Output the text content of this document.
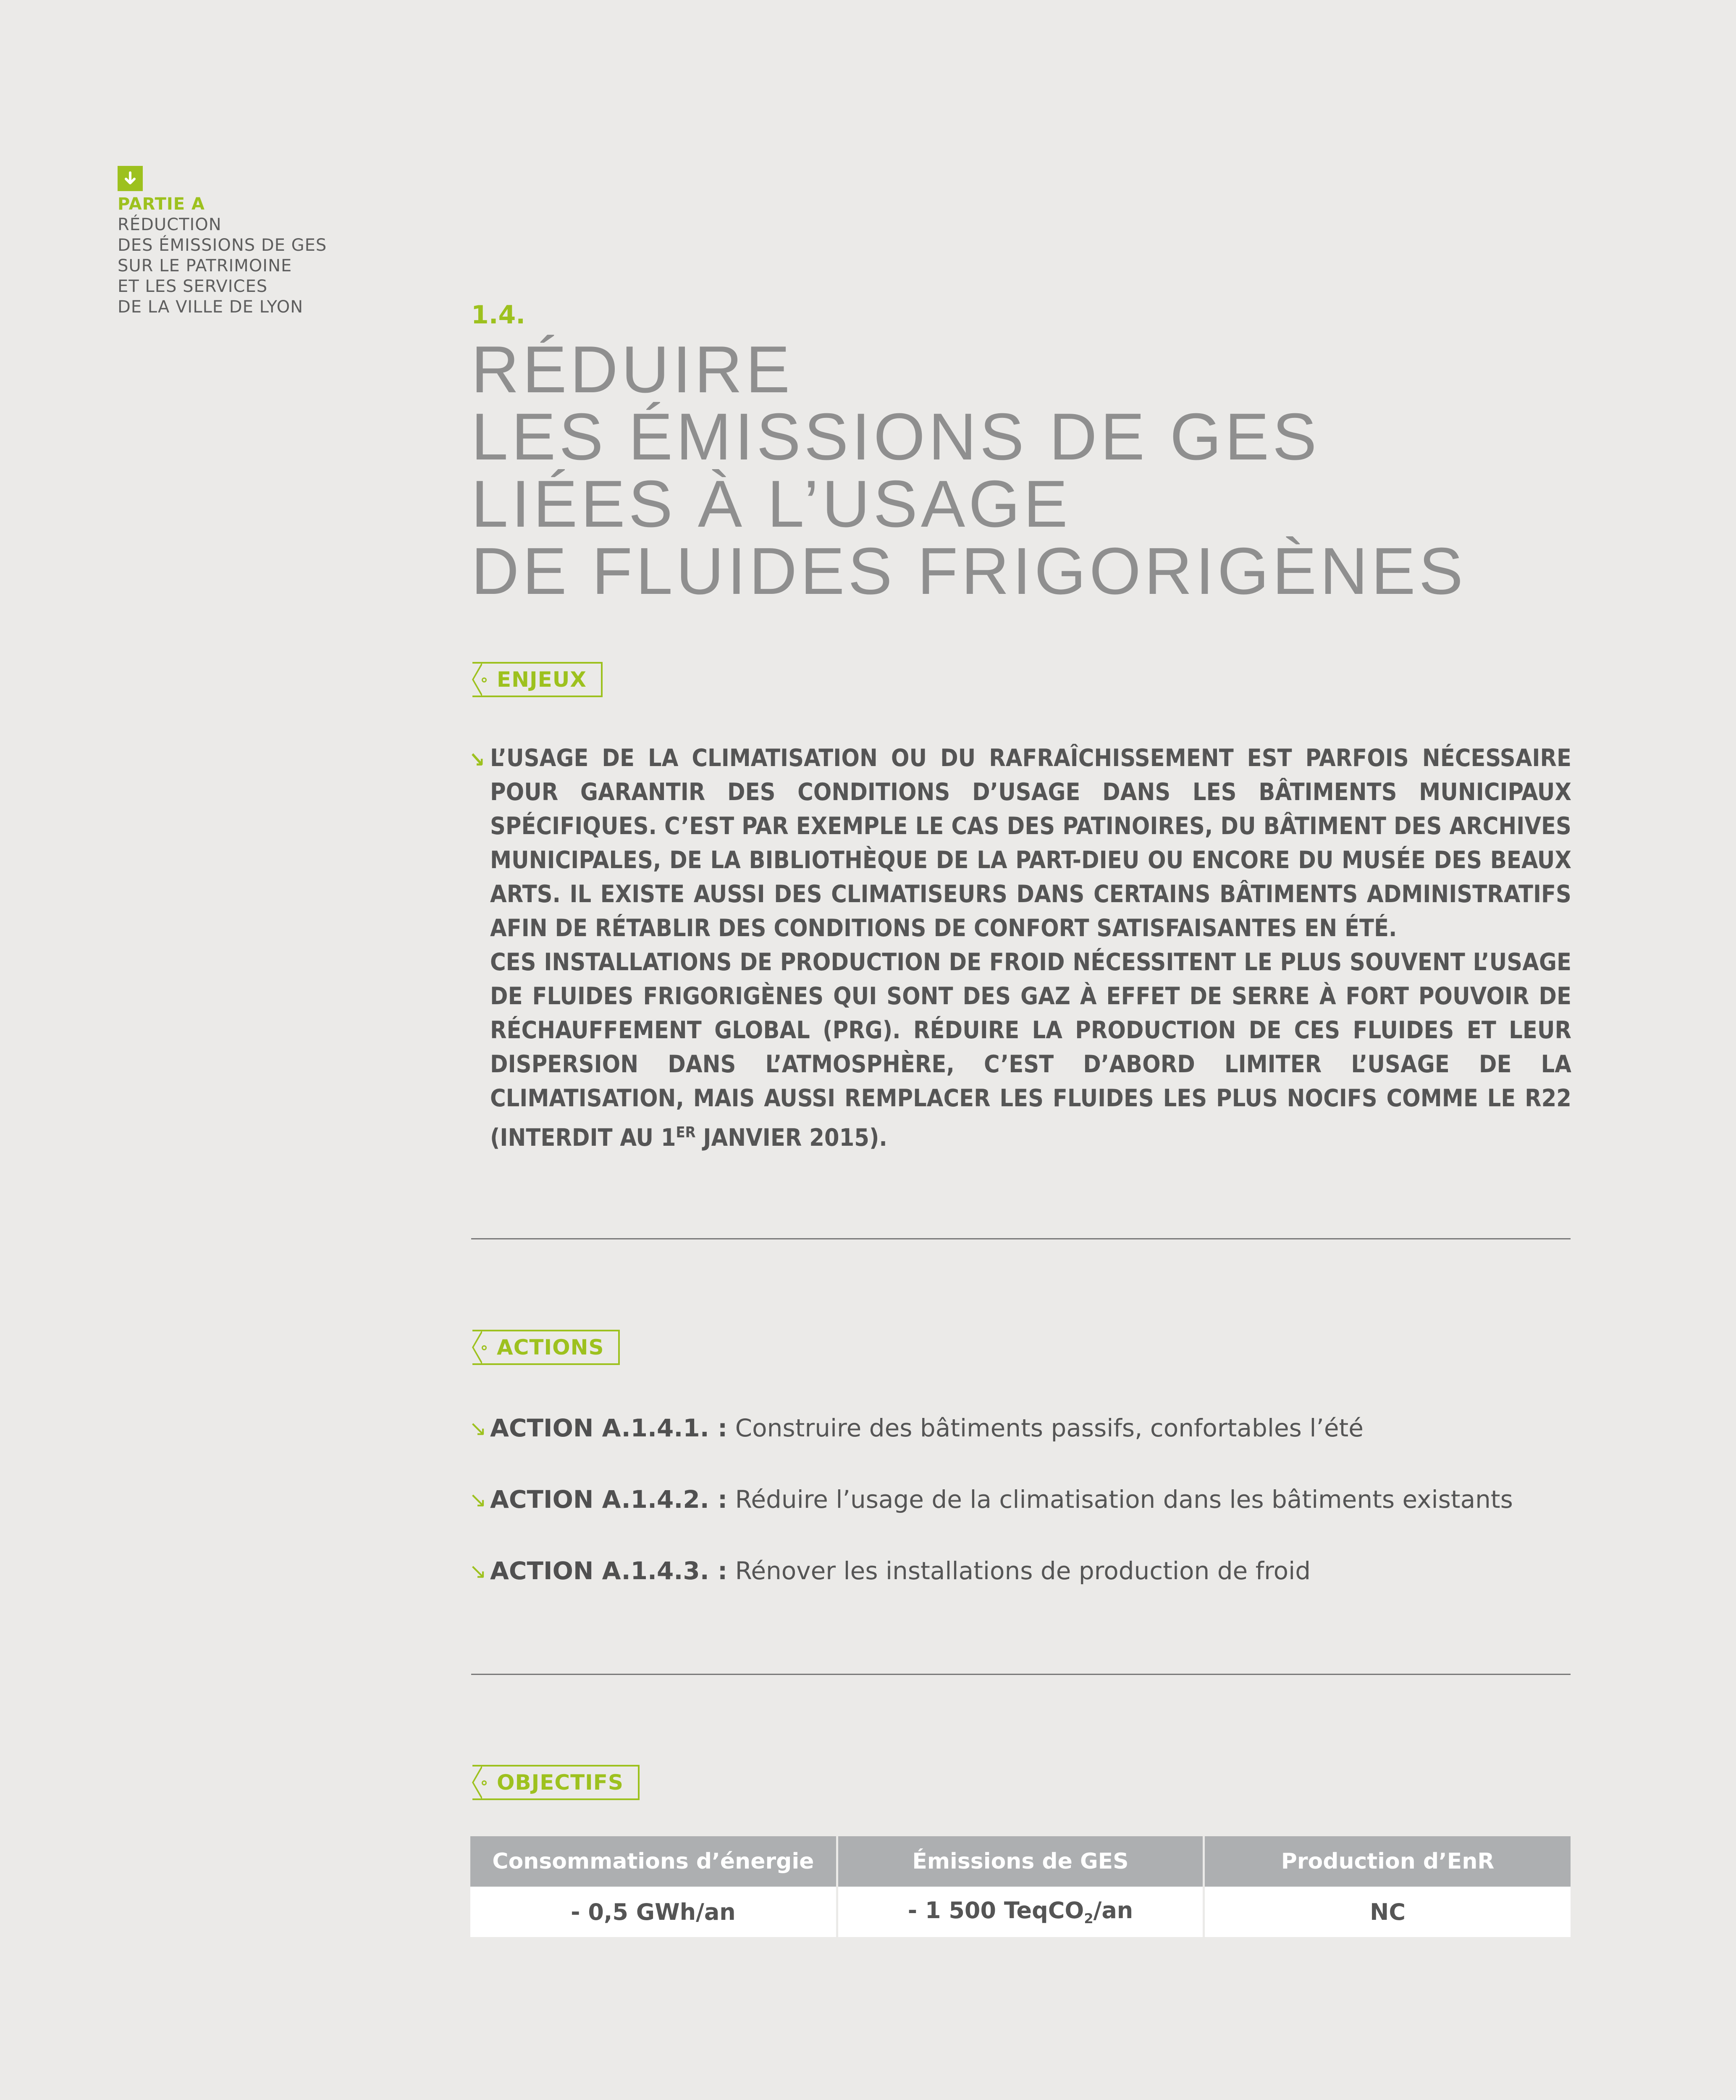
PARTIE A
RÉDUCTION
DES ÉMISSIONS DE GES
SUR LE PATRIMOINE
ET LES SERVICES
DE LA VILLE DE LYON	1.4.
RÉDUIRE
LES ÉMISSIONS DE GES
LIÉES À L’USAGE
DE FLUIDES FRIGORIGÈNES
ENJEUX

↘ L’USAGE DE LA CLIMATISATION OU DU RAFRAÎCHISSEMENT EST PARFOIS NÉCESSAIRE POUR GARANTIR DES CONDITIONS D’USAGE DANS LES BÂTIMENTS MUNICIPAUX SPÉCIFIQUES. C’EST PAR EXEMPLE LE CAS DES PATINOIRES, DU BÂTIMENT DES ARCHIVES MUNICIPALES, DE LA BIBLIOTHÈQUE DE LA PART-DIEU OU ENCORE DU MUSÉE DES BEAUX ARTS. IL EXISTE AUSSI DES CLIMATISEURS DANS CERTAINS BÂTIMENTS ADMINISTRATIFS AFIN DE RÉTABLIR DES CONDITIONS DE CONFORT SATISFAISANTES EN ÉTÉ.

CES INSTALLATIONS DE PRODUCTION DE FROID NÉCESSITENT LE PLUS SOUVENT L’USAGE DE FLUIDES FRIGORIGÈNES QUI SONT DES GAZ À EFFET DE SERRE À FORT POUVOIR DE RÉCHAUFFEMENT GLOBAL (PRG). RÉDUIRE LA PRODUCTION DE CES FLUIDES ET LEUR DISPERSION DANS L’ATMOSPHÈRE, C’EST D’ABORD LIMITER L’USAGE DE LA CLIMATISATION, MAIS AUSSI REMPLACER LES FLUIDES LES PLUS NOCIFS COMME LE R22 (INTERDIT AU 1ER JANVIER 2015).

ACTIONS
↘ ACTION A.1.4.1. : Construire des bâtiments passifs, confortables l’été
↘ ACTION A.1.4.2. : Réduire l’usage de la climatisation dans les bâtiments existants
↘ ACTION A.1.4.3. : Rénover les installations de production de froid
OBJECTIFS
Consommations d’énergie	Émissions de GES	Production d’EnR
- 0,5 GWh/an	- 1 500 TeqCO$_2$/an	NC
